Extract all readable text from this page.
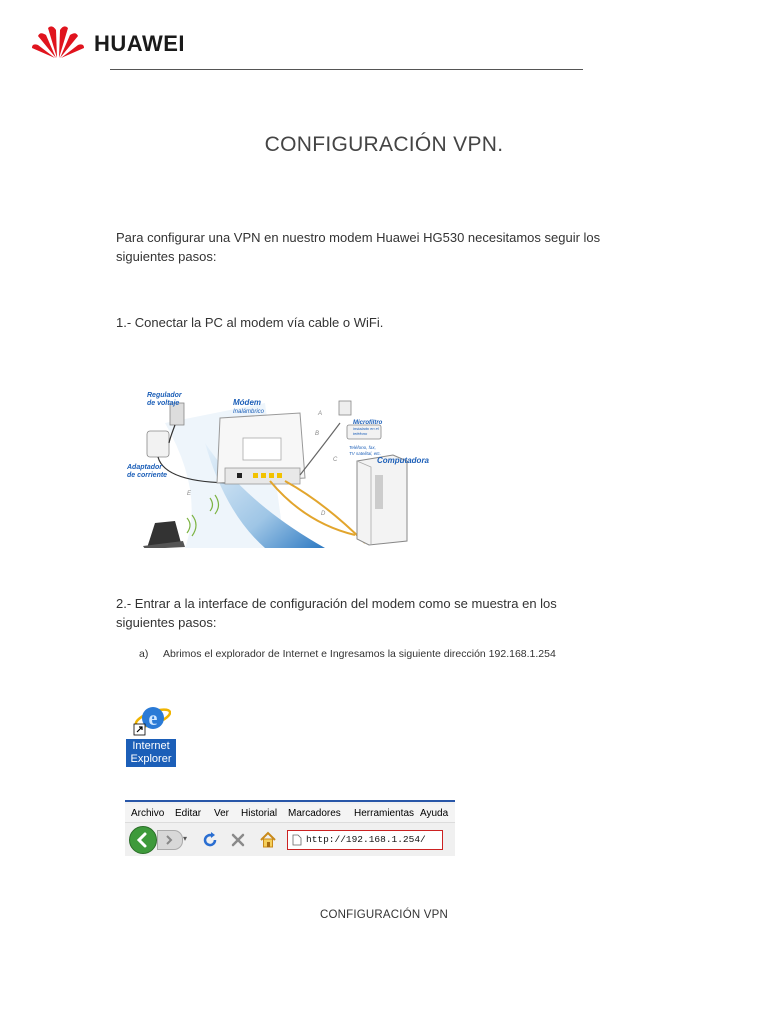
HUAWEI
CONFIGURACIÓN VPN.
Para configurar una VPN en nuestro modem Huawei HG530 necesitamos seguir los
siguientes pasos:
1.- Conectar la PC al modem vía cable o WiFi.
Regulador
de voltaje	Módem
Inalámbrico
Adaptador
de corriente
Microfiltro
instalado en el
teléfono
Teléfono, fax,
TV satelital, etc.
Computadora
A
B
C
D
E
2.- Entrar a la interface de configuración del modem como se muestra en los
siguientes pasos:
a) Abrimos el explorador de Internet e Ingresamos la siguiente dirección 192.168.1.254
e
Internet
Explorer
Archivo Editar Ver Historial Marcadores Herramientas Ayuda
▾	http://192.168.1.254/
CONFIGURACIÓN VPN
